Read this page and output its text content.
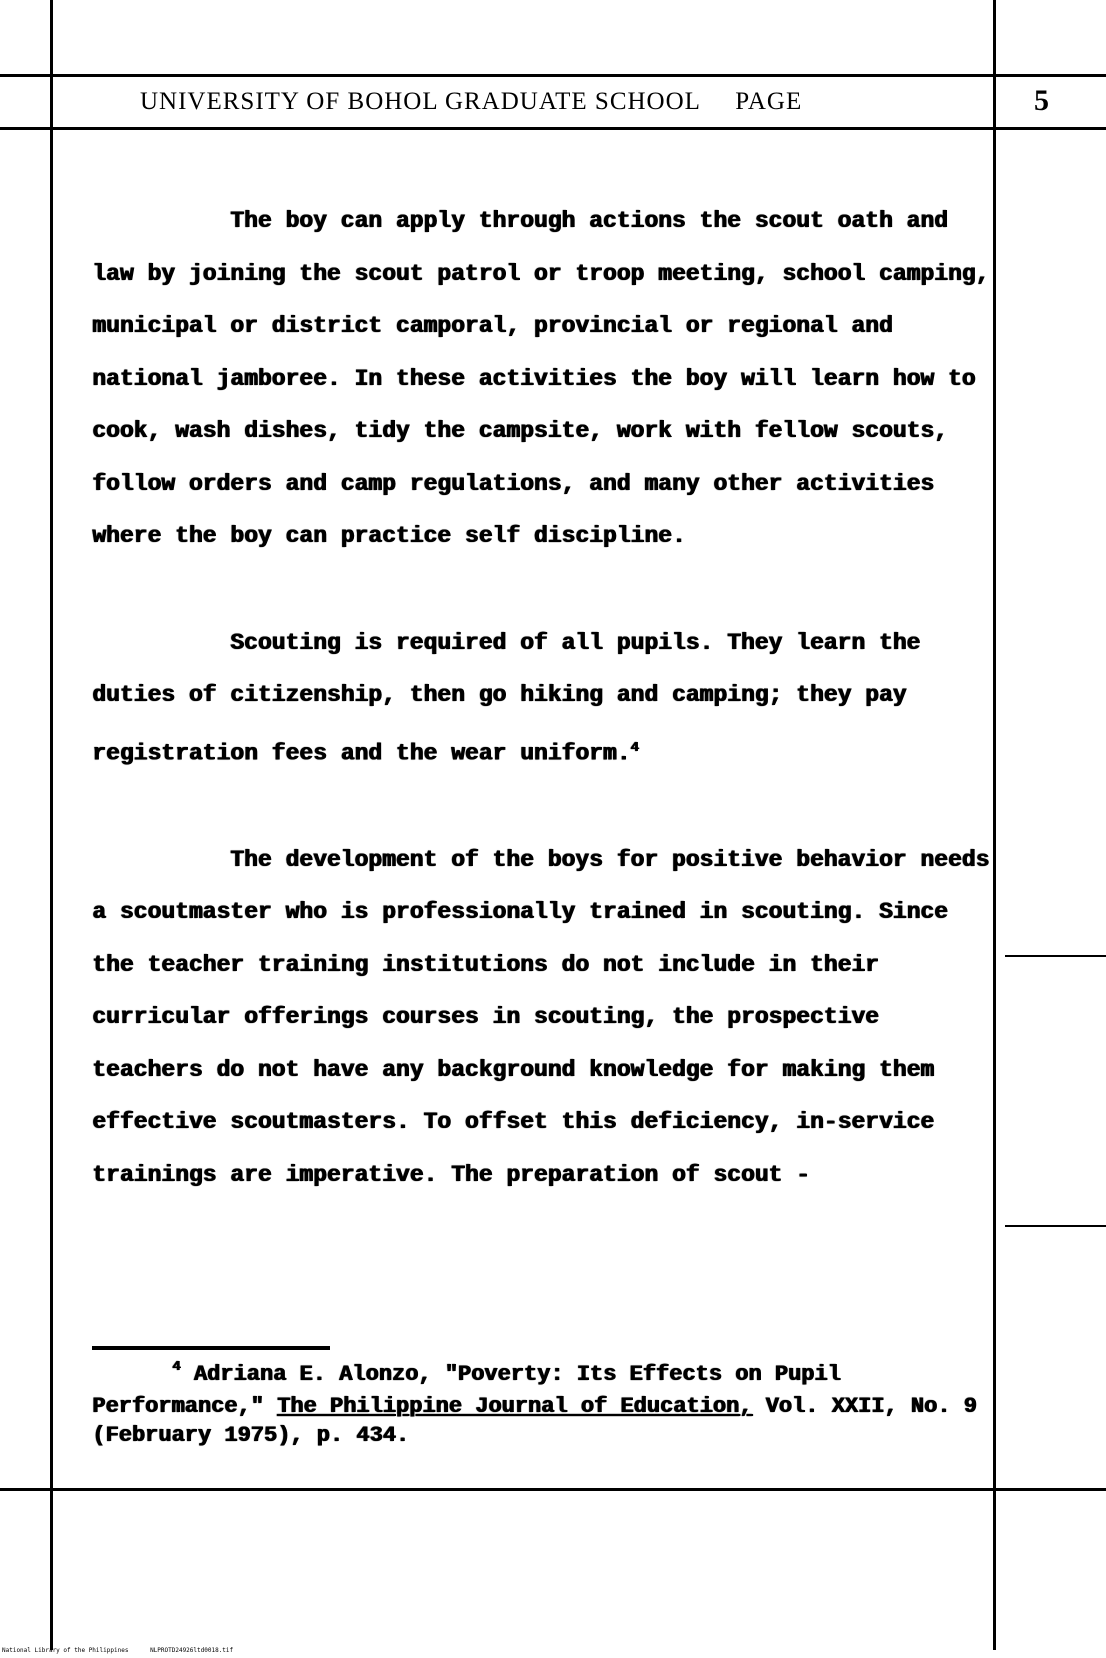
UNIVERSITY OF BOHOL GRADUATE SCHOOL PAGE	5

The boy can apply through actions the scout oath and law by joining the scout patrol or troop meeting, school camping, municipal or district camporal, provincial or regional and national jamboree. In these activities the boy will learn how to cook, wash dishes, tidy the campsite, work with fellow scouts, follow orders and camp regulations, and many other activities where the boy can practice self discipline.

Scouting is required of all pupils. They learn the duties of citizenship, then go hiking and camping; they pay registration fees and the wear uniform.$^4$

The development of the boys for positive behavior needs a scoutmaster who is professionally trained in scouting. Since the teacher training institutions do not include in their curricular offerings courses in scouting, the prospective teachers do not have any background knowledge for making them effective scoutmasters. To offset this deficiency, in-service trainings are imperative. The preparation of scout -

$^4$ Adriana E. Alonzo, "Poverty: Its Effects on Pupil Performance," The Philippine Journal of Education, Vol. XXII, No. 9 (February 1975), p. 434.
National Library of the Philippines	NLPROTD24926ltd0018.tif
